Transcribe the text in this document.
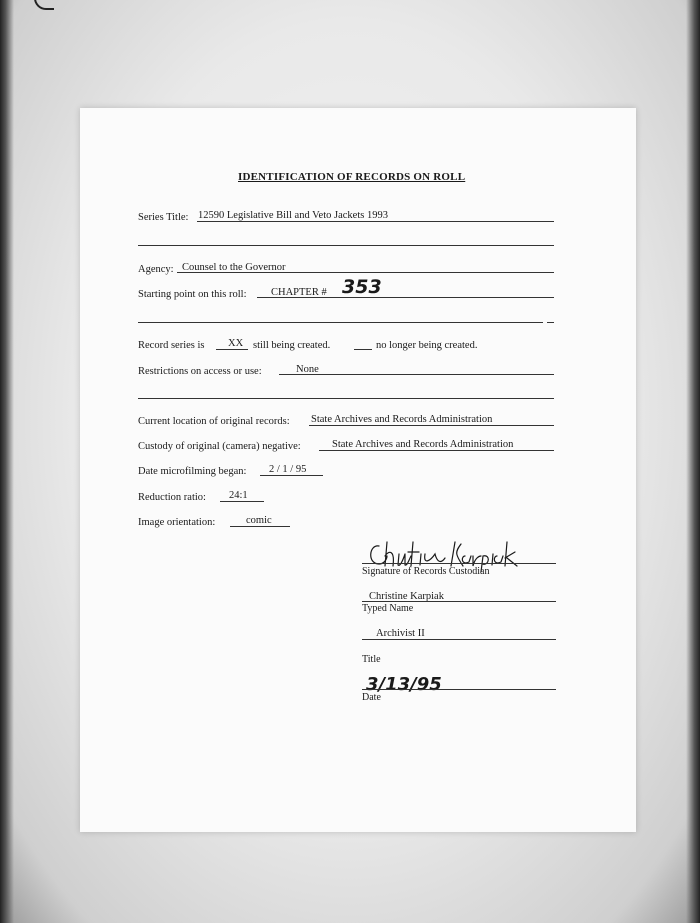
IDENTIFICATION OF RECORDS ON ROLL
Series Title: 12590 Legislative Bill and Veto Jackets 1993
Agency: Counsel to the Governor
Starting point on this roll: CHAPTER # 353
Record series is XX still being created.	no longer being created.
Restrictions on access or use:	None
Current location of original records: State Archives and Records Administration
Custody of original (camera) negative:	State Archives and Records Administration
Date microfilming began: 2 / 1 / 95
Reduction ratio: 24:1
Image orientation:	comic
Signature of Records Custodian
Christine Karpiak
Typed Name
Archivist II
Title
3/13/95
Date
